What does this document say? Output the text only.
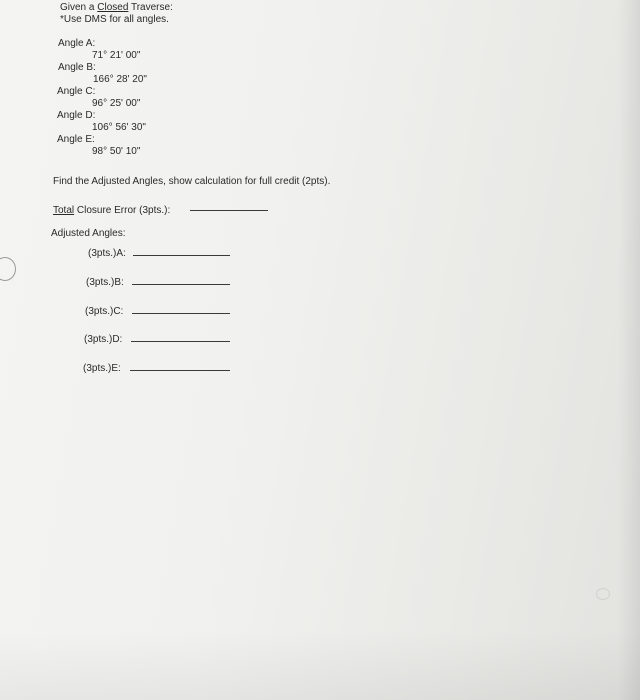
Given a Closed Traverse:
*Use DMS for all angles.
Angle A:
71° 21' 00"
Angle B:
166° 28' 20"
Angle C:
96° 25' 00"
Angle D:
106° 56' 30"
Angle E:
98° 50' 10"
Find the Adjusted Angles, show calculation for full credit (2pts).
Total Closure Error (3pts.):
Adjusted Angles:
(3pts.)A:
(3pts.)B:
(3pts.)C:
(3pts.)D:
(3pts.)E:
